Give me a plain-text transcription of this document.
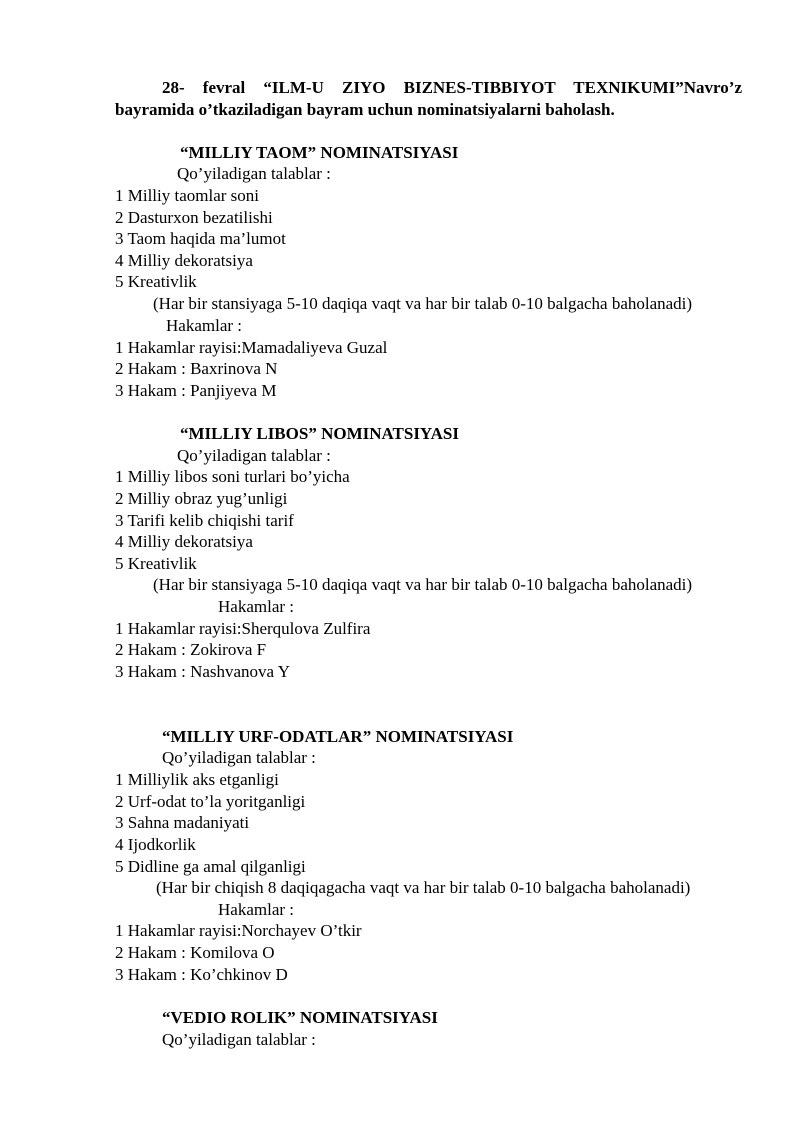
28- fevral “ILM-U ZIYO BIZNES-TIBBIYOT TEXNIKUMI”Navro’z
bayramida o’tkaziladigan bayram uchun nominatsiyalarni baholash.
“MILLIY TAOM” NOMINATSIYASI
Qo’yiladigan talablar :
1 Milliy taomlar soni
2 Dasturxon bezatilishi
3 Taom haqida ma’lumot
4 Milliy dekoratsiya
5 Kreativlik
(Har bir stansiyaga 5-10 daqiqa vaqt va har bir talab 0-10 balgacha baholanadi)
Hakamlar :
1 Hakamlar rayisi:Mamadaliyeva Guzal
2 Hakam : Baxrinova N
3 Hakam : Panjiyeva M
“MILLIY LIBOS” NOMINATSIYASI
Qo’yiladigan talablar :
1 Milliy libos soni turlari bo’yicha
2 Milliy obraz yug’unligi
3 Tarifi kelib chiqishi tarif
4 Milliy dekoratsiya
5 Kreativlik
(Har bir stansiyaga 5-10 daqiqa vaqt va har bir talab 0-10 balgacha baholanadi)
Hakamlar :
1 Hakamlar rayisi:Sherqulova Zulfira
2 Hakam : Zokirova F
3 Hakam : Nashvanova Y
“MILLIY URF-ODATLAR” NOMINATSIYASI
Qo’yiladigan talablar :
1 Milliylik aks etganligi
2 Urf-odat to’la yoritganligi
3 Sahna madaniyati
4 Ijodkorlik
5 Didline ga amal qilganligi
(Har bir chiqish 8 daqiqagacha vaqt va har bir talab 0-10 balgacha baholanadi)
Hakamlar :
1 Hakamlar rayisi:Norchayev O’tkir
2 Hakam : Komilova O
3 Hakam : Ko’chkinov D
“VEDIO ROLIK” NOMINATSIYASI
Qo’yiladigan talablar :
